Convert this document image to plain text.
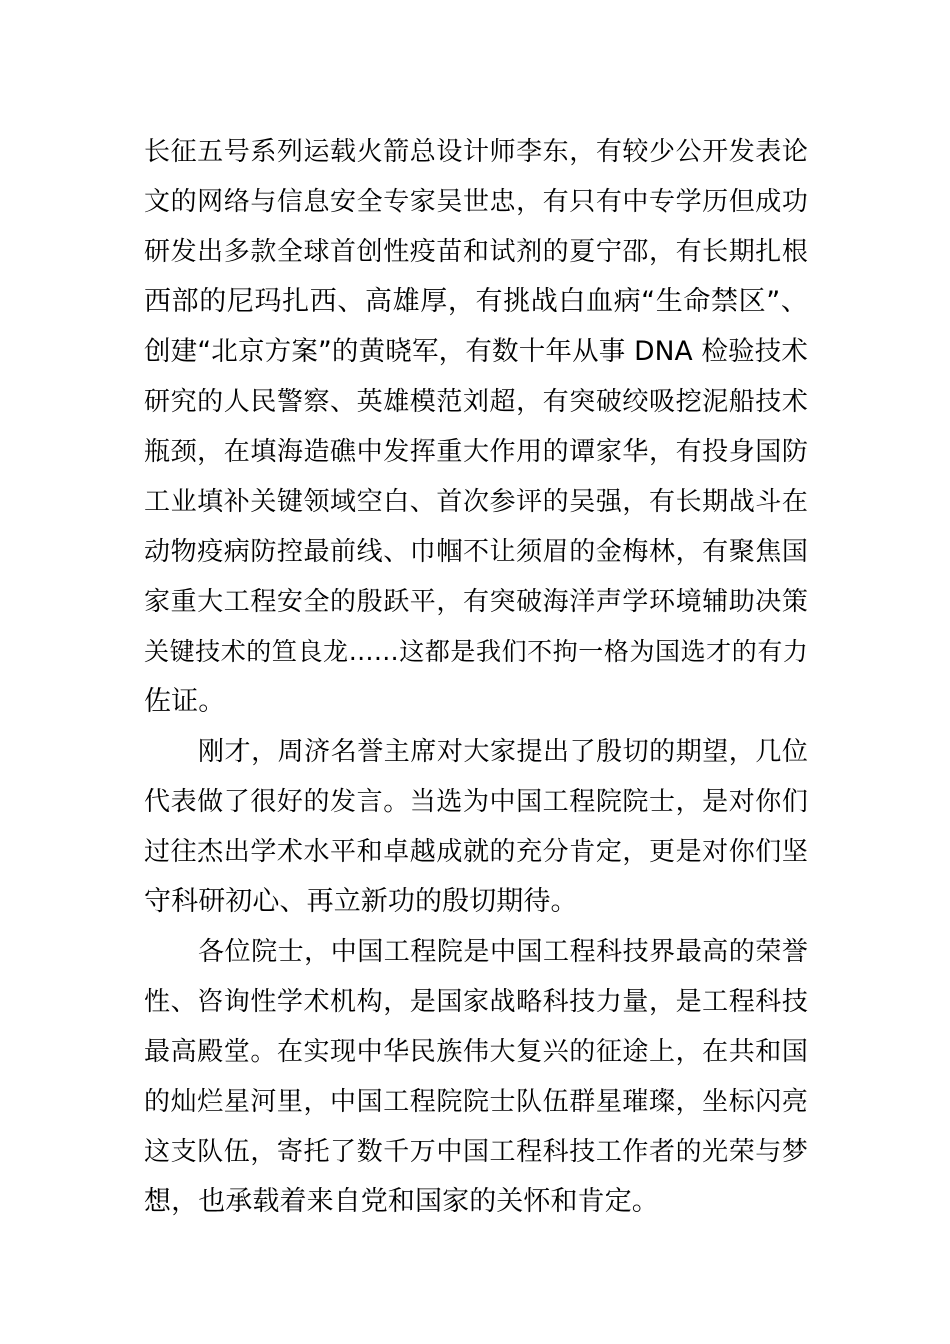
长征五号系列运载火箭总设计师李东，有较少公开发表论
文的网络与信息安全专家吴世忠，有只有中专学历但成功
研发出多款全球首创性疫苗和试剂的夏宁邵，有长期扎根
西部的尼玛扎西、高雄厚，有挑战白血病“生命禁区”、
创建“北京方案”的黄晓军，有数十年从事 DNA 检验技术
研究的人民警察、英雄模范刘超，有突破绞吸挖泥船技术
瓶颈，在填海造礁中发挥重大作用的谭家华，有投身国防
工业填补关键领域空白、首次参评的吴强，有长期战斗在
动物疫病防控最前线、巾帼不让须眉的金梅林，有聚焦国
家重大工程安全的殷跃平，有突破海洋声学环境辅助决策
关键技术的笪良龙……这都是我们不拘一格为国选才的有力
佐证。
刚才，周济名誉主席对大家提出了殷切的期望，几位
代表做了很好的发言。当选为中国工程院院士，是对你们
过往杰出学术水平和卓越成就的充分肯定，更是对你们坚
守科研初心、再立新功的殷切期待。
各位院士，中国工程院是中国工程科技界最高的荣誉
性、咨询性学术机构，是国家战略科技力量，是工程科技
最高殿堂。在实现中华民族伟大复兴的征途上，在共和国
的灿烂星河里，中国工程院院士队伍群星璀璨，坐标闪亮
这支队伍，寄托了数千万中国工程科技工作者的光荣与梦
想，也承载着来自党和国家的关怀和肯定。
